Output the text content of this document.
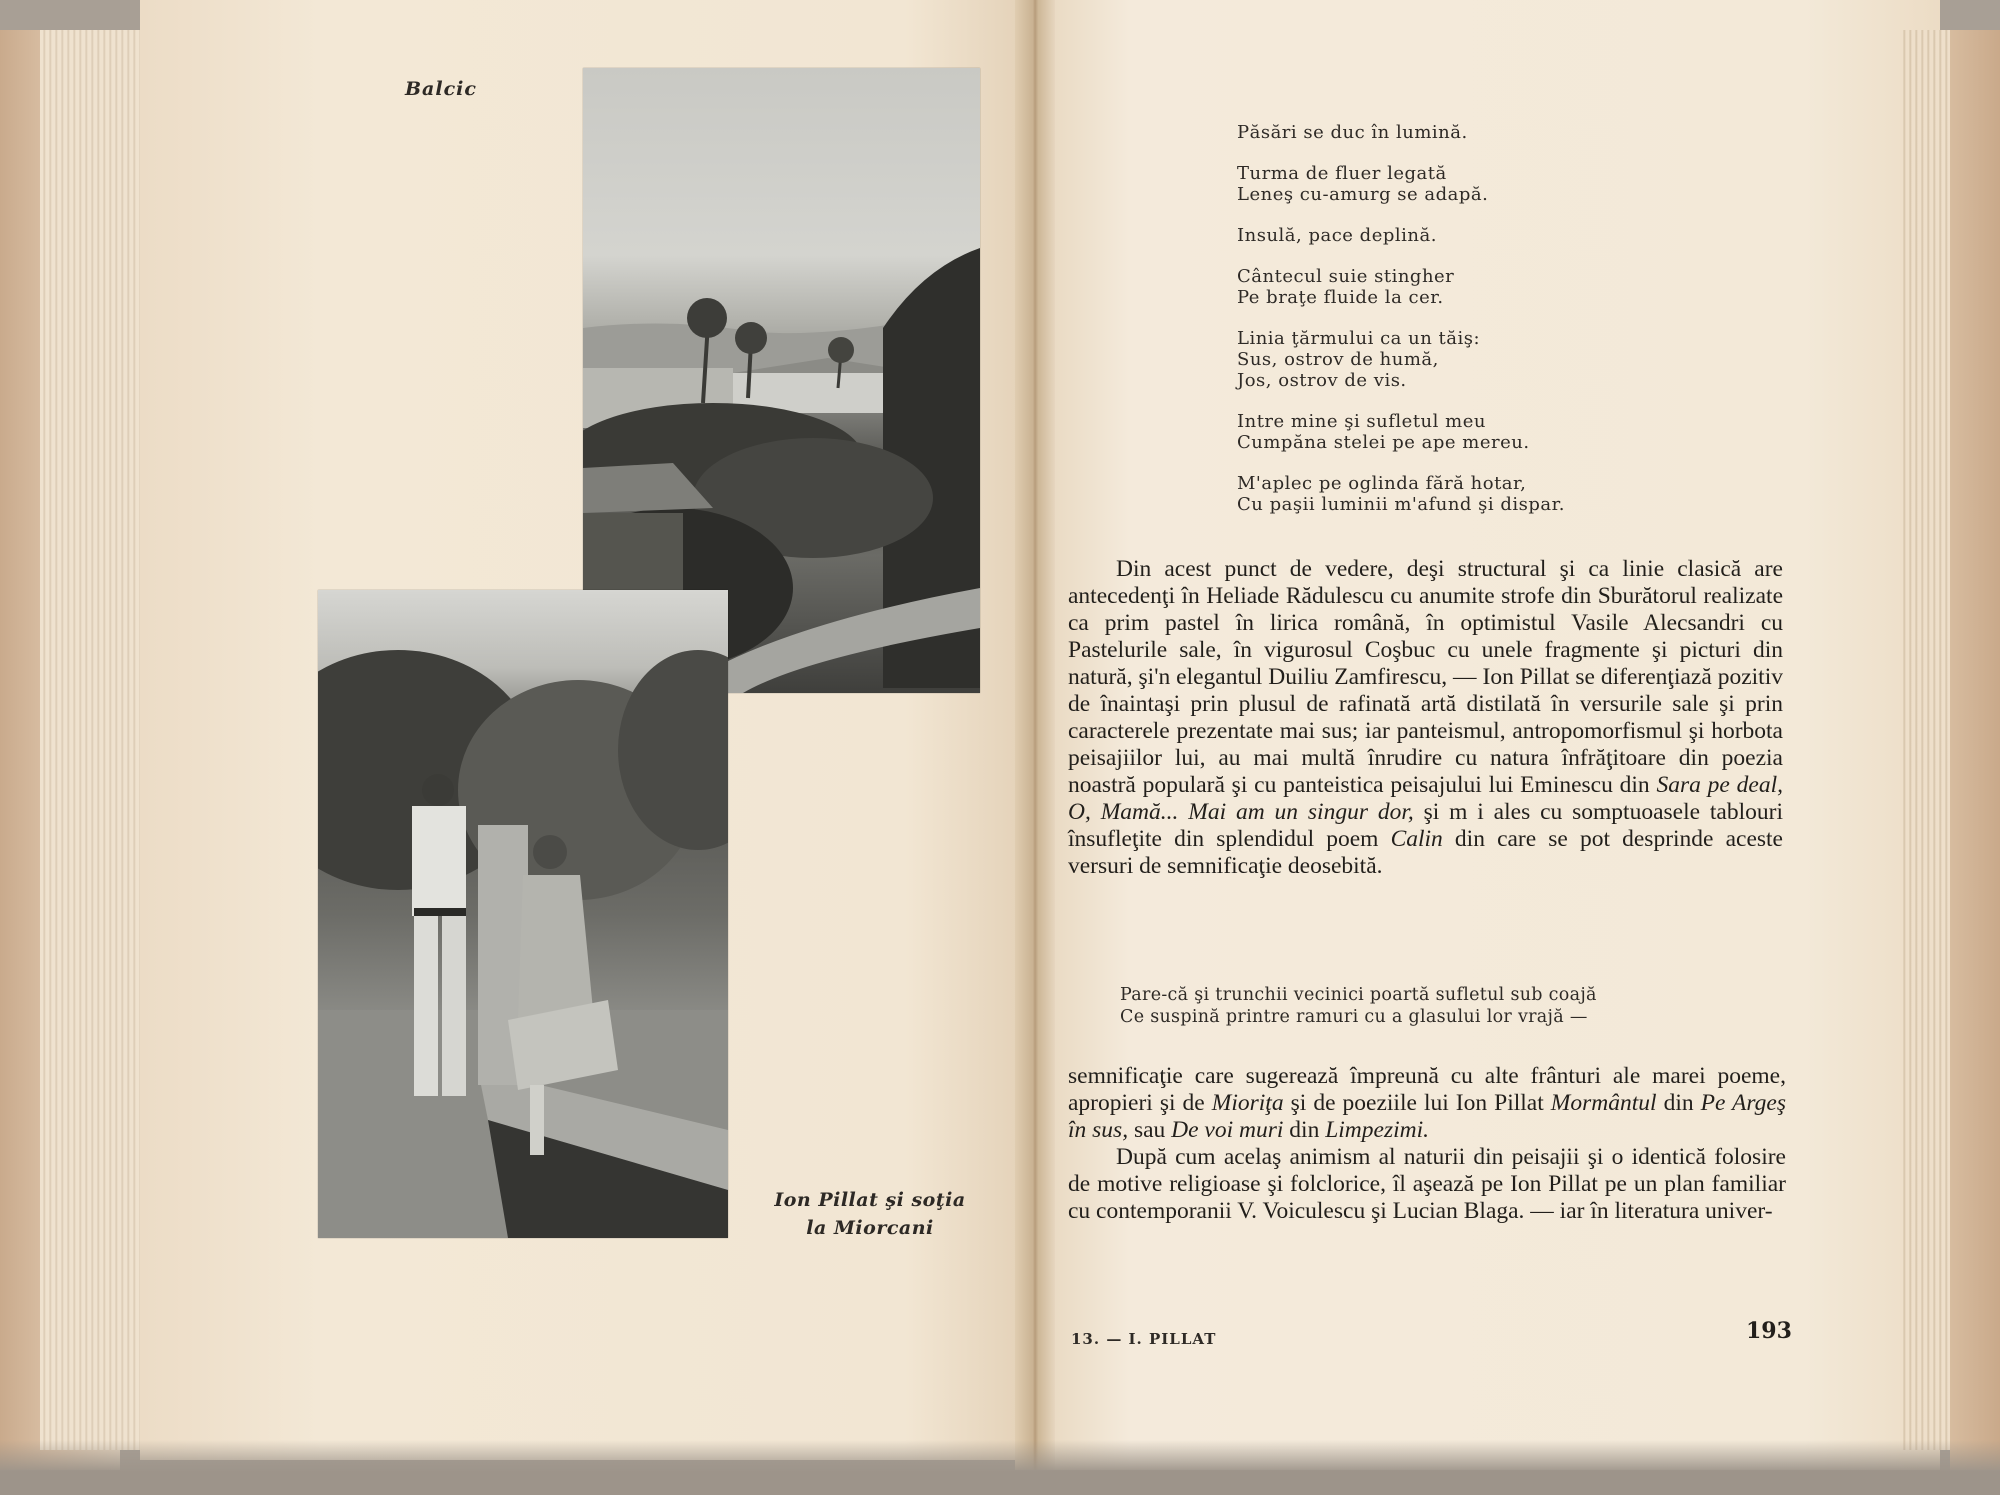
Balcic
Ion Pillat şi soţia
la Miorcani
Păsări se duc în lumină.
Turma de fluer legată
Leneş cu-amurg se adapă.
Insulă, pace deplină.
Cântecul suie stingher
Pe braţe fluide la cer.
Linia ţărmului ca un tăiş:
Sus, ostrov de humă,
Jos, ostrov de vis.
Intre mine şi sufletul meu
Cumpăna stelei pe ape mereu.
M'aplec pe oglinda fără hotar,
Cu paşii luminii m'afund şi dispar.

Din acest punct de vedere, deşi structural şi ca linie clasică are antecedenţi în Heliade Rădulescu cu anumite strofe din Sburătorul realizate ca prim pastel în lirica română, în optimistul Vasile Alecsandri cu Pastelurile sale, în vigurosul Coşbuc cu unele fragmente şi picturi din natură, şi'n elegantul Duiliu Zamfirescu, — Ion Pillat se diferenţiază pozitiv de înaintaşi prin plusul de rafinată artă distilată în versurile sale şi prin caracterele prezentate mai sus; iar panteismul, antropomorfismul şi horbota peisajiilor lui, au mai multă înrudire cu natura înfrăţitoare din poezia noastră populară şi cu panteistica peisajului lui Eminescu din Sara pe deal, O, Mamă... Mai am un singur dor, şi m i ales cu somptuoasele tablouri însufleţite din splendidul poem Calin din care se pot desprinde aceste versuri de semnificaţie deosebită.

Pare-că şi trunchii vecinici poartă sufletul sub coajă
Ce suspină printre ramuri cu a glasului lor vrajă —

semnificaţie care sugerează împreună cu alte frânturi ale marei poeme, apropieri şi de Mioriţa şi de poeziile lui Ion Pillat Mormântul din Pe Argeş în sus, sau De voi muri din Limpezimi.

După cum acelaş animism al naturii din peisajii şi o identică folosire de motive religioase şi folclorice, îl aşează pe Ion Pillat pe un plan familiar cu contemporanii V. Voiculescu şi Lucian Blaga. — iar în literatura univer-

13. — I. PILLAT	193
